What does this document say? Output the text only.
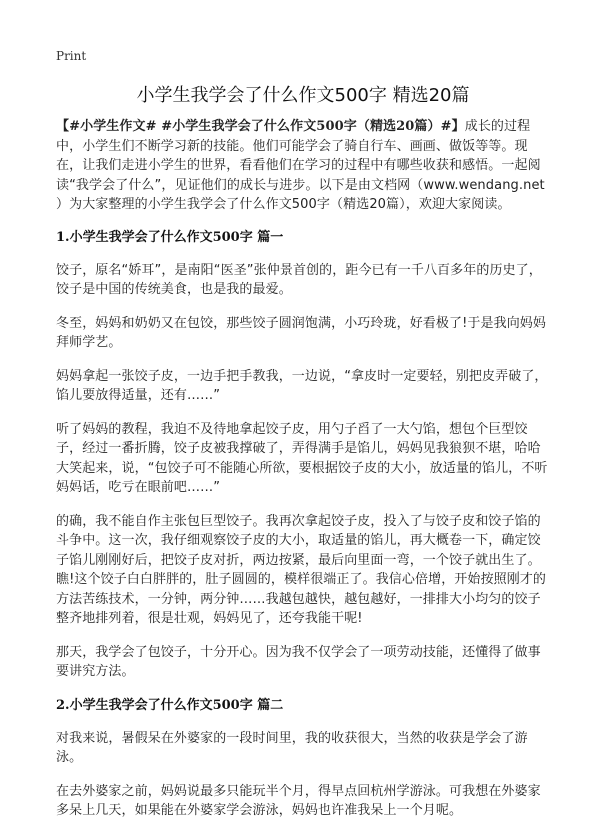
Print
小学生我学会了什么作文500字 精选20篇

【#小学生作文# #小学生我学会了什么作文500字（精选20篇）#】成长的过程中，小学生们不断学习新的技能。他们可能学会了骑自行车、画画、做饭等等。现在，让我们走进小学生的世界，看看他们在学习的过程中有哪些收获和感悟。一起阅读“我学会了什么”，见证他们的成长与进步。以下是由文档网（www.wendang.net ）为大家整理的小学生我学会了什么作文500字（精选20篇），欢迎大家阅读。

1.小学生我学会了什么作文500字 篇一

饺子，原名“娇耳”，是南阳“医圣”张仲景首创的，距今已有一千八百多年的历史了，饺子是中国的传统美食，也是我的最爱。

冬至，妈妈和奶奶又在包饺，那些饺子圆润饱满，小巧玲珑，好看极了!于是我向妈妈拜师学艺。

妈妈拿起一张饺子皮，一边手把手教我，一边说，“拿皮时一定要轻，别把皮弄破了，馅儿要放得适量，还有……”

听了妈妈的教程，我迫不及待地拿起饺子皮，用勺子舀了一大勺馅，想包个巨型饺子，经过一番折腾，饺子皮被我撑破了，弄得满手是馅儿，妈妈见我狼狈不堪，哈哈大笑起来，说，“包饺子可不能随心所欲，要根据饺子皮的大小，放适量的馅儿，不听妈妈话，吃亏在眼前吧……”

的确，我不能自作主张包巨型饺子。我再次拿起饺子皮，投入了与饺子皮和饺子馅的斗争中。这一次，我仔细观察饺子皮的大小，取适量的馅儿，再大概卷一下，确定饺子馅儿刚刚好后，把饺子皮对折，两边按紧，最后向里面一弯，一个饺子就出生了。瞧!这个饺子白白胖胖的，肚子圆圆的，模样很端正了。我信心倍增，开始按照刚才的方法苦练技术，一分钟，两分钟……我越包越快，越包越好，一排排大小均匀的饺子整齐地排列着，很是壮观，妈妈见了，还夸我能干呢!

那天，我学会了包饺子，十分开心。因为我不仅学会了一项劳动技能，还懂得了做事要讲究方法。

2.小学生我学会了什么作文500字 篇二

对我来说，暑假呆在外婆家的一段时间里，我的收获很大，当然的收获是学会了游泳。

在去外婆家之前，妈妈说最多只能玩半个月，得早点回杭州学游泳。可我想在外婆家多呆上几天，如果能在外婆家学会游泳，妈妈也许准我呆上一个月呢。
